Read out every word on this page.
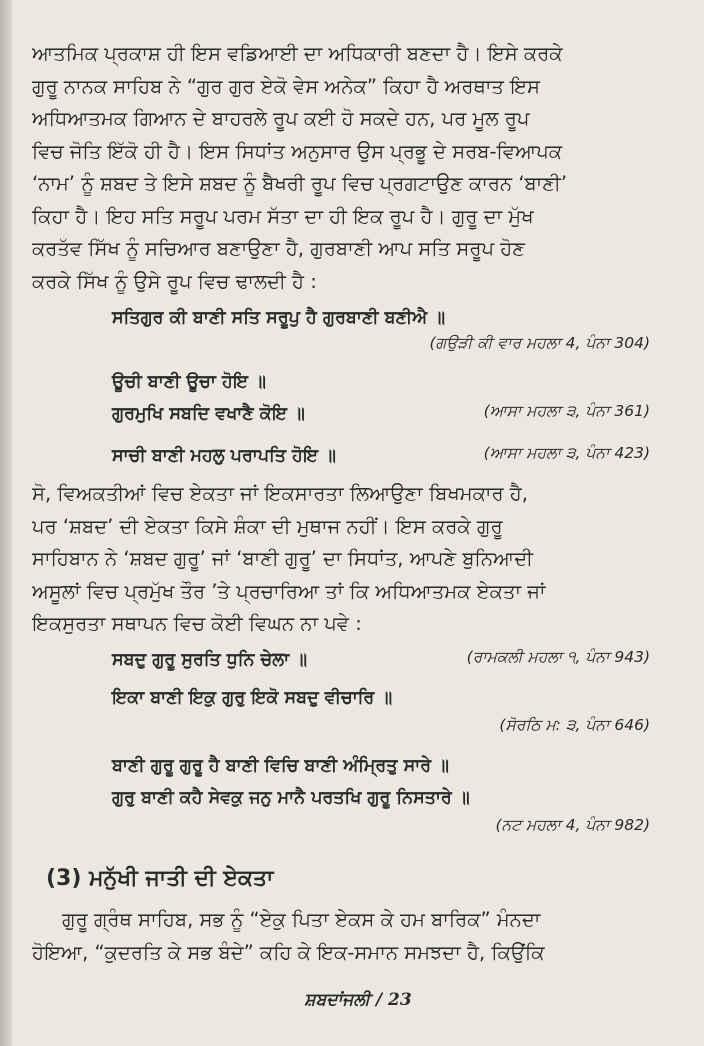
ਆਤਮਿਕ ਪ੍ਰਕਾਸ਼ ਹੀ ਇਸ ਵਡਿਆਈ ਦਾ ਅਧਿਕਾਰੀ ਬਣਦਾ ਹੈ। ਇਸੇ ਕਰਕੇ
ਗੁਰੂ ਨਾਨਕ ਸਾਹਿਬ ਨੇ “ਗੁਰ ਗੁਰ ਏਕੋ ਵੇਸ ਅਨੇਕ” ਕਿਹਾ ਹੈ ਅਰਥਾਤ ਇਸ
ਅਧਿਆਤਮਕ ਗਿਆਨ ਦੇ ਬਾਹਰਲੇ ਰੂਪ ਕਈ ਹੋ ਸਕਦੇ ਹਨ, ਪਰ ਮੂਲ ਰੂਪ
ਵਿਚ ਜੋਤਿ ਇੱਕੋ ਹੀ ਹੈ। ਇਸ ਸਿਧਾਂਤ ਅਨੁਸਾਰ ਉਸ ਪ੍ਰਭੂ ਦੇ ਸਰਬ-ਵਿਆਪਕ
‘ਨਾਮ’ ਨੂੰ ਸ਼ਬਦ ਤੇ ਇਸੇ ਸ਼ਬਦ ਨੂੰ ਬੈਖਰੀ ਰੂਪ ਵਿਚ ਪ੍ਰਗਟਾਉਣ ਕਾਰਨ ‘ਬਾਣੀ’
ਕਿਹਾ ਹੈ। ਇਹ ਸਤਿ ਸਰੂਪ ਪਰਮ ਸੱਤਾ ਦਾ ਹੀ ਇਕ ਰੂਪ ਹੈ। ਗੁਰੂ ਦਾ ਮੁੱਖ
ਕਰਤੱਵ ਸਿੱਖ ਨੂੰ ਸਚਿਆਰ ਬਣਾਉਣਾ ਹੈ, ਗੁਰਬਾਣੀ ਆਪ ਸਤਿ ਸਰੂਪ ਹੋਣ
ਕਰਕੇ ਸਿੱਖ ਨੂੰ ਉਸੇ ਰੂਪ ਵਿਚ ਢਾਲਦੀ ਹੈ :
ਸਤਿਗੁਰ ਕੀ ਬਾਣੀ ਸਤਿ ਸਰੂਪੁ ਹੈ ਗੁਰਬਾਣੀ ਬਣੀਐ ॥
(ਗਉੜੀ ਕੀ ਵਾਰ ਮਹਲਾ 4, ਪੰਨਾ 304)
ਊਚੀ ਬਾਣੀ ਊਚਾ ਹੋਇ ॥
ਗੁਰਮੁਖਿ ਸਬਦਿ ਵਖਾਣੈ ਕੋਇ ॥	(ਆਸਾ ਮਹਲਾ ੩, ਪੰਨਾ 361)
ਸਾਚੀ ਬਾਣੀ ਮਹਲੁ ਪਰਾਪਤਿ ਹੋਇ ॥	(ਆਸਾ ਮਹਲਾ ੩, ਪੰਨਾ 423)
ਸੋ, ਵਿਅਕਤੀਆਂ ਵਿਚ ਏਕਤਾ ਜਾਂ ਇਕਸਾਰਤਾ ਲਿਆਉਣਾ ਬਿਖਮਕਾਰ ਹੈ,
ਪਰ ‘ਸ਼ਬਦ’ ਦੀ ਏਕਤਾ ਕਿਸੇ ਸ਼ੰਕਾ ਦੀ ਮੁਥਾਜ ਨਹੀਂ। ਇਸ ਕਰਕੇ ਗੁਰੂ
ਸਾਹਿਬਾਨ ਨੇ ‘ਸ਼ਬਦ ਗੁਰੂ’ ਜਾਂ ‘ਬਾਣੀ ਗੁਰੂ’ ਦਾ ਸਿਧਾਂਤ, ਆਪਣੇ ਬੁਨਿਆਦੀ
ਅਸੂਲਾਂ ਵਿਚ ਪ੍ਰਮੁੱਖ ਤੌਰ ’ਤੇ ਪ੍ਰਚਾਰਿਆ ਤਾਂ ਕਿ ਅਧਿਆਤਮਕ ਏਕਤਾ ਜਾਂ
ਇਕਸੁਰਤਾ ਸਥਾਪਨ ਵਿਚ ਕੋਈ ਵਿਘਨ ਨਾ ਪਵੇ :
ਸਬਦੁ ਗੁਰੂ ਸੁਰਤਿ ਧੁਨਿ ਚੇਲਾ ॥	(ਰਾਮਕਲੀ ਮਹਲਾ ੧, ਪੰਨਾ 943)
ਇਕਾ ਬਾਣੀ ਇਕੁ ਗੁਰੁ ਇਕੋ ਸਬਦੁ ਵੀਚਾਰਿ ॥
(ਸੋਰਠਿ ਮ: ੩, ਪੰਨਾ 646)
ਬਾਣੀ ਗੁਰੂ ਗੁਰੂ ਹੈ ਬਾਣੀ ਵਿਚਿ ਬਾਣੀ ਅੰਮ੍ਰਿਤੁ ਸਾਰੇ ॥
ਗੁਰੁ ਬਾਣੀ ਕਹੈ ਸੇਵਕੁ ਜਨੁ ਮਾਨੈ ਪਰਤਖਿ ਗੁਰੂ ਨਿਸਤਾਰੇ ॥
(ਨਟ ਮਹਲਾ 4, ਪੰਨਾ 982)
(3) ਮਨੁੱਖੀ ਜਾਤੀ ਦੀ ਏਕਤਾ
ਗੁਰੂ ਗ੍ਰੰਥ ਸਾਹਿਬ, ਸਭ ਨੂੰ “ਏਕੁ ਪਿਤਾ ਏਕਸ ਕੇ ਹਮ ਬਾਰਿਕ” ਮੰਨਦਾ
ਹੋਇਆ, “ਕੁਦਰਤਿ ਕੇ ਸਭ ਬੰਦੇ” ਕਹਿ ਕੇ ਇਕ-ਸਮਾਨ ਸਮਝਦਾ ਹੈ, ਕਿਉਂਕਿ
ਸ਼ਬਦਾਂਜਲੀ / 23
